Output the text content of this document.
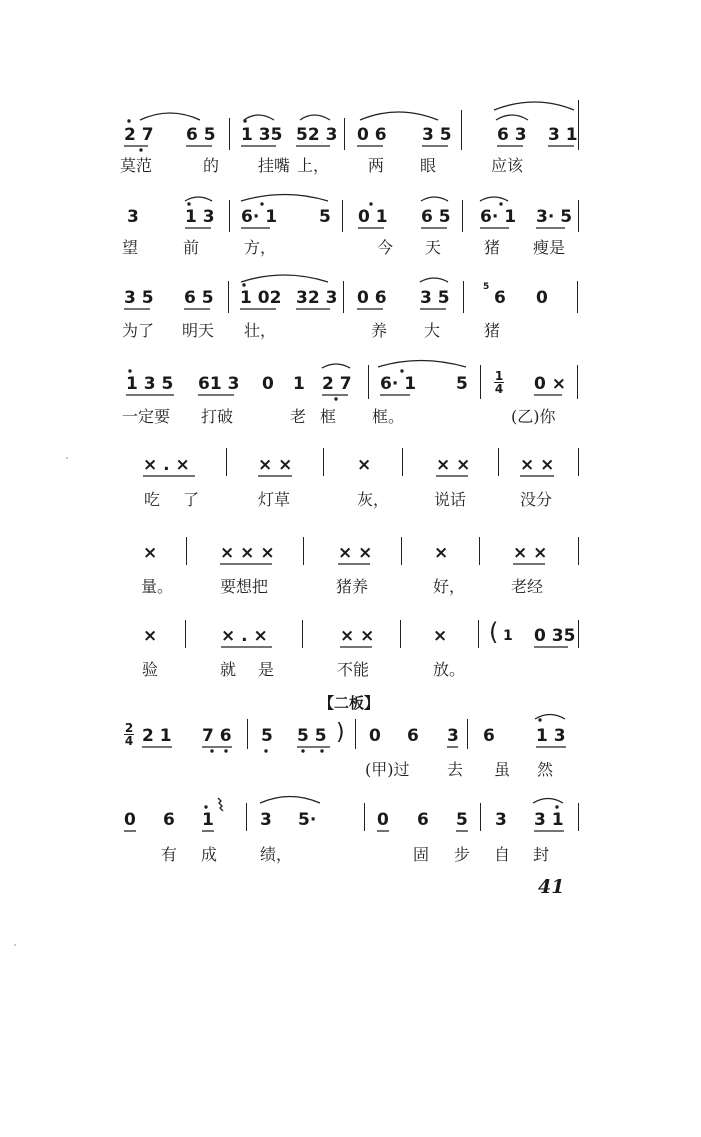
2 7 6 5 1 35 52 3 0 6 3 5	6 3 3 1
莫范	的 挂嘴 上， 两 眼	应该
3	1 3 6· 1 5 0 1 6 5 6· 1 3· 5
望	前	方，	今 天	猪 瘦是
3 5 6 5 1 02 32 3 0 6 3 5	6 0
5
为了 明天 壮，	养 大	猪
1 3 5 61 3 0 1 2 7 6· 1 5	0 ×
$\frac{1}{4}$
一定要 打破	老 框 框。	(乙)你
× . ×	× ×	×	× ×	× ×
吃 了	灯草	灰，	说话	没分
×	× × ×	× ×	×	× ×
量。	要想把	猪养	好，	老经
×	× . ×	× ×	× ( 1 0 35
验	就 是	不能	放。
【二板】
$\frac{2}{4} 2$ 1 7 6 5 5 5 ) 0 6 3 6 1 3
(甲)过 去 虽 然
0 6 1	3 5·	0 6 5 3 3 1
有 成	绩，	固 步 自 封
41
